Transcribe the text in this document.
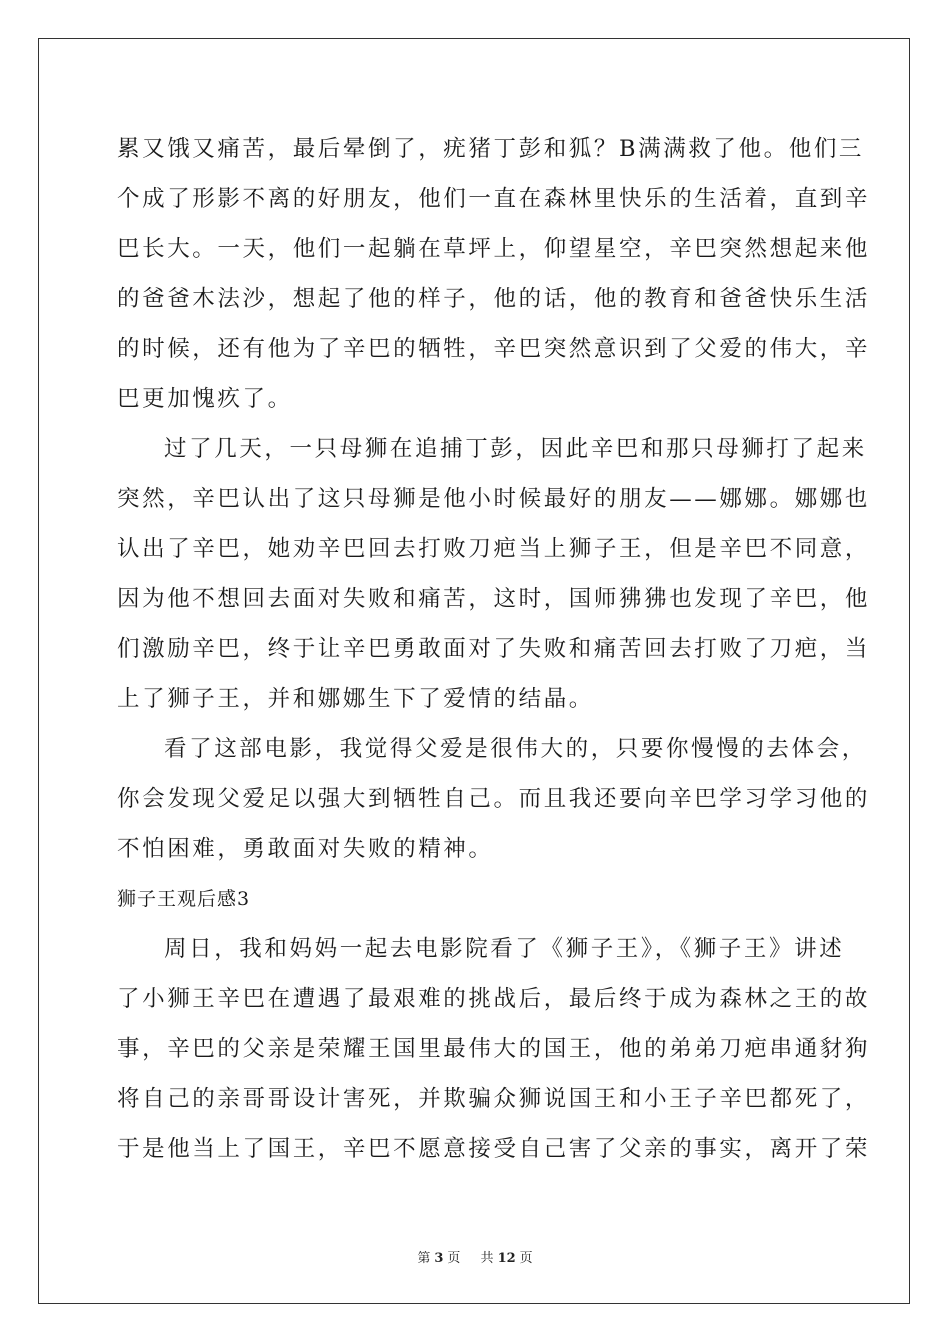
累又饿又痛苦，最后晕倒了，疣猪丁彭和狐？B满满救了他。他们三
个成了形影不离的好朋友，他们一直在森林里快乐的生活着，直到辛
巴长大。一天，他们一起躺在草坪上，仰望星空，辛巴突然想起来他
的爸爸木法沙，想起了他的样子，他的话，他的教育和爸爸快乐生活
的时候，还有他为了辛巴的牺牲，辛巴突然意识到了父爱的伟大，辛
巴更加愧疚了。
过了几天，一只母狮在追捕丁彭，因此辛巴和那只母狮打了起来
突然，辛巴认出了这只母狮是他小时候最好的朋友——娜娜。娜娜也
认出了辛巴，她劝辛巴回去打败刀疤当上狮子王，但是辛巴不同意，
因为他不想回去面对失败和痛苦，这时，国师狒狒也发现了辛巴，他
们激励辛巴，终于让辛巴勇敢面对了失败和痛苦回去打败了刀疤，当
上了狮子王，并和娜娜生下了爱情的结晶。
看了这部电影，我觉得父爱是很伟大的，只要你慢慢的去体会，
你会发现父爱足以强大到牺牲自己。而且我还要向辛巴学习学习他的
不怕困难，勇敢面对失败的精神。
狮子王观后感3
周日，我和妈妈一起去电影院看了《狮子王》，《狮子王》讲述
了小狮王辛巴在遭遇了最艰难的挑战后，最后终于成为森林之王的故
事，辛巴的父亲是荣耀王国里最伟大的国王，他的弟弟刀疤串通豺狗
将自己的亲哥哥设计害死，并欺骗众狮说国王和小王子辛巴都死了，
于是他当上了国王，辛巴不愿意接受自己害了父亲的事实，离开了荣
第 3 页 共 12 页
